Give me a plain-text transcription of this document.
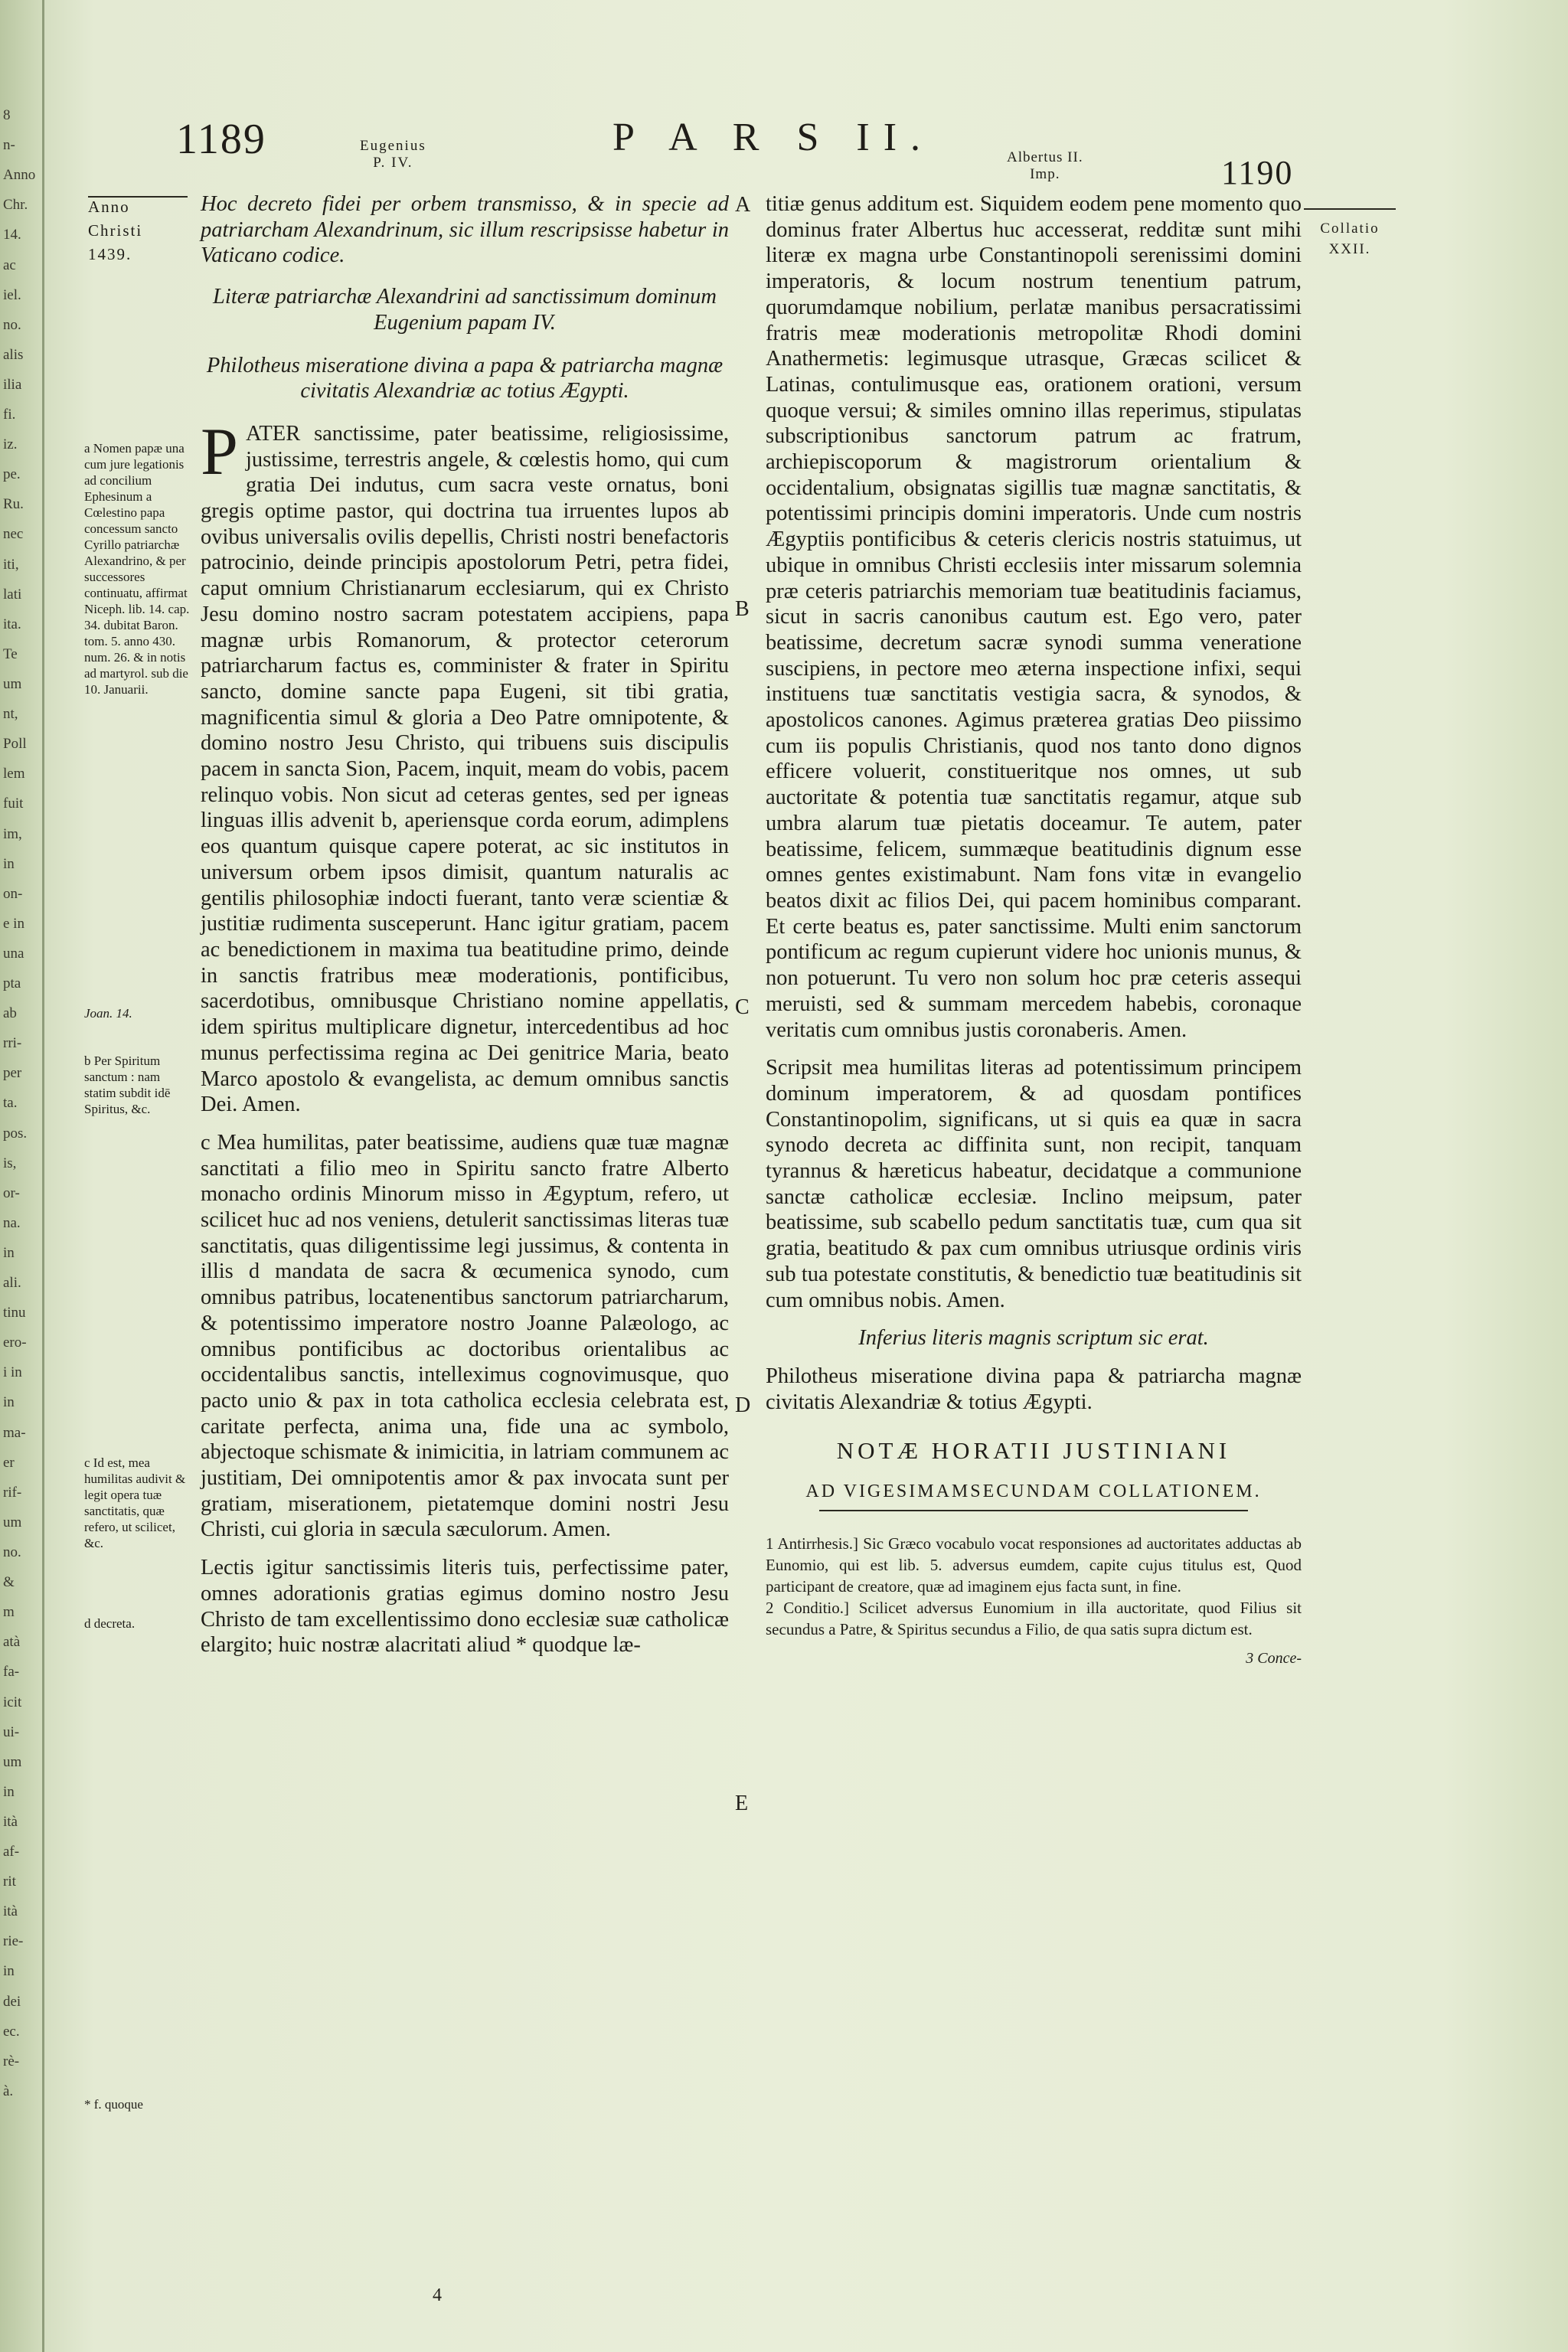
8
n-
Anno
Chr.
14.
ac
iel.
no.
alis
ilia
fi.
iz.
pe.
Ru.
nec
iti,
lati
ita.
Te
um
nt,
Poll
lem
fuit
im,
in
on-
e in
una
pta
ab
rri-
per
ta.
pos.
is,
or-
na.
in
ali.
tinu
ero-
i in
in
ma-
er
rif-
um
no.
&
m
atà
fa-
icit
ui-
um
in
ità
af-
rit
ità
rie-
in
dei
ec.
rè-
à.
1189	Eugenius
P. IV.
P A R S II.	Albertus II.
Imp.	1190
Anno
Christi
1439.
a Nomen papæ una cum jure legationis ad concilium Ephesinum a Cœlestino papa concessum sancto Cyrillo patriarchæ Alexandrino, & per successores continuatu, affirmat Niceph. lib. 14. cap. 34. dubitat Baron. tom. 5. anno 430. num. 26. & in notis ad martyrol. sub die 10. Januarii.
Joan. 14.
b Per Spiritum sanctum : nam statim subdit idē Spiritus, &c.
c Id est, mea humilitas audivit & legit opera tuæ sanctitatis, quæ refero, ut scilicet, &c.
d decreta.
* f. quoque
Collatio
XXII.
A
B
C
D
E

Hoc decreto fidei per orbem transmisso, & in specie ad patriarcham Alexandrinum, sic illum rescripsisse habetur in Vaticano codice.

Literæ patriarchæ Alexandrini ad sanctissimum dominum Eugenium papam IV.

Philotheus miseratione divina a papa & patriarcha magnæ civitatis Alexandriæ ac totius Ægypti.

PATER sanctissime, pater beatissime, religiosissime, justissime, terrestris angele, & cœlestis homo, qui cum gratia Dei indutus, cum sacra veste ornatus, boni gregis optime pastor, qui doctrina tua irruentes lupos ab ovibus universalis ovilis depellis, Christi nostri benefactoris patrocinio, deinde principis apostolorum Petri, petra fidei, caput omnium Christianarum ecclesiarum, qui ex Christo Jesu domino nostro sacram potestatem accipiens, papa magnæ urbis Romanorum, & protector ceterorum patriarcharum factus es, comminister & frater in Spiritu sancto, domine sancte papa Eugeni, sit tibi gratia, magnificentia simul & gloria a Deo Patre omnipotente, & domino nostro Jesu Christo, qui tribuens suis discipulis pacem in sancta Sion, Pacem, inquit, meam do vobis, pacem relinquo vobis. Non sicut ad ceteras gentes, sed per igneas linguas illis advenit b, aperiensque corda eorum, adimplens eos quantum quisque capere poterat, ac sic institutos in universum orbem ipsos dimisit, quantum naturalis ac gentilis philosophiæ indocti fuerant, tanto veræ scientiæ & justitiæ rudimenta susceperunt. Hanc igitur gratiam, pacem ac benedictionem in maxima tua beatitudine primo, deinde in sanctis fratribus meæ moderationis, pontificibus, sacerdotibus, omnibusque Christiano nomine appellatis, idem spiritus multiplicare dignetur, intercedentibus ad hoc munus perfectissima regina ac Dei genitrice Maria, beato Marco apostolo & evangelista, ac demum omnibus sanctis Dei. Amen.

c Mea humilitas, pater beatissime, audiens quæ tuæ magnæ sanctitati a filio meo in Spiritu sancto fratre Alberto monacho ordinis Minorum misso in Ægyptum, refero, ut scilicet huc ad nos veniens, detulerit sanctissimas literas tuæ sanctitatis, quas diligentissime legi jussimus, & contenta in illis d mandata de sacra & œcumenica synodo, cum omnibus patribus, locatenentibus sanctorum patriarcharum, & potentissimo imperatore nostro Joanne Palæologo, ac omnibus pontificibus ac doctoribus orientalibus ac occidentalibus sanctis, intelleximus cognovimusque, quo pacto unio & pax in tota catholica ecclesia celebrata est, caritate perfecta, anima una, fide una ac symbolo, abjectoque schismate & inimicitia, in latriam communem ac justitiam, Dei omnipotentis amor & pax invocata sunt per gratiam, miserationem, pietatemque domini nostri Jesu Christi, cui gloria in sæcula sæculorum. Amen.

Lectis igitur sanctissimis literis tuis, perfectissime pater, omnes adorationis gratias egimus domino nostro Jesu Christo de tam excellentissimo dono ecclesiæ suæ catholicæ elargito; huic nostræ alacritati aliud * quodque læ-

titiæ genus additum est. Siquidem eodem pene momento quo dominus frater Albertus huc accesserat, redditæ sunt mihi literæ ex magna urbe Constantinopoli serenissimi domini imperatoris, & locum nostrum tenentium patrum, quorumdamque nobilium, perlatæ manibus persacratissimi fratris meæ moderationis metropolitæ Rhodi domini Anathermetis: legimusque utrasque, Græcas scilicet & Latinas, contulimusque eas, orationem orationi, versum quoque versui; & similes omnino illas reperimus, stipulatas subscriptionibus sanctorum patrum ac fratrum, archiepiscoporum & magistrorum orientalium & occidentalium, obsignatas sigillis tuæ magnæ sanctitatis, & potentissimi principis domini imperatoris. Unde cum nostris Ægyptiis pontificibus & ceteris clericis nostris statuimus, ut ubique in omnibus Christi ecclesiis inter missarum solemnia præ ceteris patriarchis memoriam tuæ beatitudinis faciamus, sicut in sacris canonibus cautum est. Ego vero, pater beatissime, decretum sacræ synodi summa veneratione suscipiens, in pectore meo æterna inspectione infixi, sequi instituens tuæ sanctitatis vestigia sacra, & synodos, & apostolicos canones. Agimus præterea gratias Deo piissimo cum iis populis Christianis, quod nos tanto dono dignos efficere voluerit, constitueritque nos omnes, ut sub auctoritate & potentia tuæ sanctitatis regamur, atque sub umbra alarum tuæ pietatis doceamur. Te autem, pater beatissime, felicem, summæque beatitudinis dignum esse omnes gentes existimabunt. Nam fons vitæ in evangelio beatos dixit ac filios Dei, qui pacem hominibus comparant. Et certe beatus es, pater sanctissime. Multi enim sanctorum pontificum ac regum cupierunt videre hoc unionis munus, & non potuerunt. Tu vero non solum hoc præ ceteris assequi meruisti, sed & summam mercedem habebis, coronaque veritatis cum omnibus justis coronaberis. Amen.

Scripsit mea humilitas literas ad potentissimum principem dominum imperatorem, & ad quosdam pontifices Constantinopolim, significans, ut si quis ea quæ in sacra synodo decreta ac diffinita sunt, non recipit, tanquam tyrannus & hæreticus habeatur, decidatque a communione sanctæ catholicæ ecclesiæ. Inclino meipsum, pater beatissime, sub scabello pedum sanctitatis tuæ, cum qua sit gratia, beatitudo & pax cum omnibus utriusque ordinis viris sub tua potestate constitutis, & benedictio tuæ beatitudinis sit cum omnibus nobis. Amen.

Inferius literis magnis scriptum sic erat.

Philotheus miseratione divina papa & patriarcha magnæ civitatis Alexandriæ & totius Ægypti.

NOTÆ HORATII JUSTINIANI

AD VIGESIMAMSECUNDAM COLLATIONEM.

1 Antirrhesis.] Sic Græco vocabulo vocat responsiones ad auctoritates adductas ab Eunomio, qui est lib. 5. adversus eumdem, capite cujus titulus est, Quod participant de creatore, quæ ad imaginem ejus facta sunt, in fine.

2 Conditio.] Scilicet adversus Eunomium in illa auctoritate, quod Filius sit secundus a Patre, & Spiritus secundus a Filio, de qua satis supra dictum est.

3 Conce-

4
